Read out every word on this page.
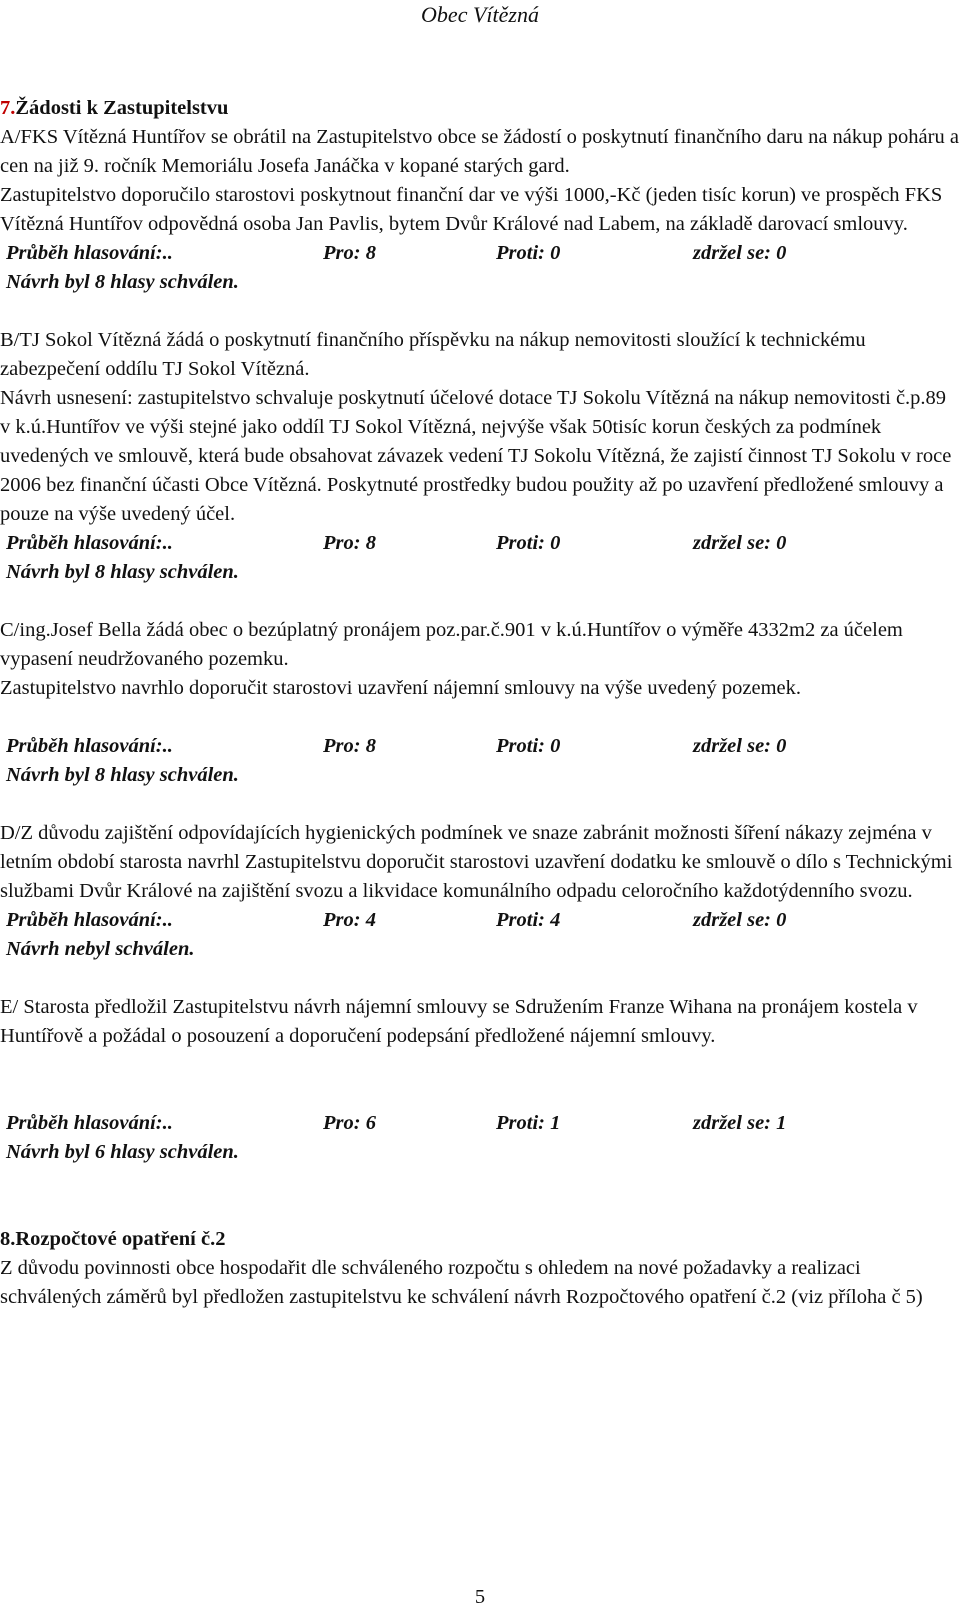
Obec Vítězná

7.Žádosti k Zastupitelstvu

A/FKS Vítězná Huntířov se obrátil na Zastupitelstvo obce se žádostí o poskytnutí finančního daru na nákup poháru a cen na již 9. ročník Memoriálu Josefa Janáčka v kopané starých gard.

Zastupitelstvo doporučilo starostovi poskytnout finanční dar ve výši 1000,-Kč (jeden tisíc korun) ve prospěch FKS Vítězná Huntířov odpovědná osoba Jan Pavlis, bytem Dvůr Králové nad Labem, na základě darovací smlouvy.

Průběh hlasování:..	Pro: 8	Proti: 0	zdržel se: 0

Návrh byl 8 hlasy schválen.

B/TJ Sokol Vítězná žádá o poskytnutí finančního příspěvku na nákup nemovitosti sloužící k technickému zabezpečení oddílu TJ Sokol Vítězná.

Návrh usnesení: zastupitelstvo schvaluje poskytnutí účelové dotace TJ Sokolu Vítězná na nákup nemovitosti č.p.89 v k.ú.Huntířov ve výši stejné jako oddíl TJ Sokol Vítězná, nejvýše však 50tisíc korun českých za podmínek uvedených ve smlouvě, která bude obsahovat závazek vedení TJ Sokolu Vítězná, že zajistí činnost TJ Sokolu v roce 2006 bez finanční účasti Obce Vítězná. Poskytnuté prostředky budou použity až po uzavření předložené smlouvy a pouze na výše uvedený účel.

Průběh hlasování:..	Pro: 8	Proti: 0	zdržel se: 0

Návrh byl 8 hlasy schválen.

C/ing.Josef Bella žádá obec o bezúplatný pronájem poz.par.č.901 v k.ú.Huntířov o výměře 4332m2 za účelem vypasení neudržovaného pozemku.

Zastupitelstvo navrhlo doporučit starostovi uzavření nájemní smlouvy na výše uvedený pozemek.

Průběh hlasování:..	Pro: 8	Proti: 0	zdržel se: 0

Návrh byl 8 hlasy schválen.

D/Z důvodu zajištění odpovídajících hygienických podmínek ve snaze zabránit možnosti šíření nákazy zejména v letním období starosta navrhl Zastupitelstvu doporučit starostovi uzavření dodatku ke smlouvě o dílo s Technickými službami Dvůr Králové na zajištění svozu a likvidace komunálního odpadu celoročního každotýdenního svozu.

Průběh hlasování:..	Pro: 4	Proti: 4	zdržel se: 0

Návrh nebyl schválen.

E/ Starosta předložil Zastupitelstvu návrh nájemní smlouvy se Sdružením Franze Wihana na pronájem kostela v Huntířově a požádal o posouzení a doporučení podepsání předložené nájemní smlouvy.

Průběh hlasování:..	Pro: 6	Proti: 1	zdržel se: 1

Návrh byl 6 hlasy schválen.

8.Rozpočtové opatření č.2

Z důvodu povinnosti obce hospodařit dle schváleného rozpočtu s ohledem na nové požadavky a realizaci schválených záměrů byl předložen zastupitelstvu ke schválení návrh Rozpočtového opatření č.2 (viz příloha č 5)

5
